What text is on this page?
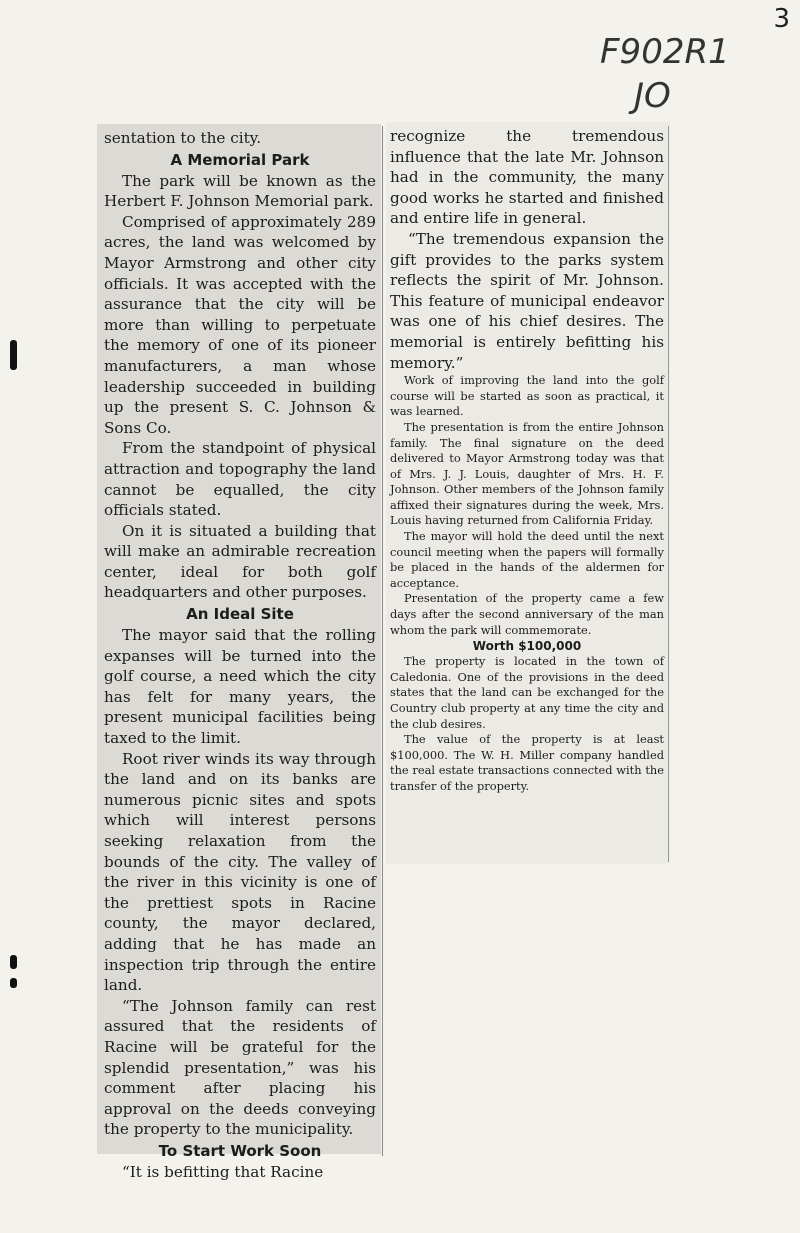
3
F902R1
JO

sentation to the city.

A Memorial Park

The park will be known as the Herbert F. Johnson Memorial park.

Comprised of approximately 289 acres, the land was welcomed by Mayor Armstrong and other city officials. It was accepted with the assurance that the city will be more than willing to perpetuate the memory of one of its pioneer manufacturers, a man whose leadership succeeded in building up the present S. C. Johnson & Sons Co.

From the standpoint of physical attraction and topography the land cannot be equalled, the city officials stated.

On it is situated a building that will make an admirable recreation center, ideal for both golf headquarters and other purposes.

An Ideal Site

The mayor said that the rolling expanses will be turned into the golf course, a need which the city has felt for many years, the present municipal facilities being taxed to the limit.

Root river winds its way through the land and on its banks are numerous picnic sites and spots which will interest persons seeking relaxation from the bounds of the city. The valley of the river in this vicinity is one of the prettiest spots in Racine county, the mayor declared, adding that he has made an inspection trip through the entire land.

“The Johnson family can rest assured that the residents of Racine will be grateful for the splendid presentation,” was his comment after placing his approval on the deeds conveying the property to the municipality.

To Start Work Soon

“It is befitting that Racine

recognize the tremendous influence that the late Mr. Johnson had in the community, the many good works he started and finished and entire life in general.

“The tremendous expansion the gift provides to the parks system reflects the spirit of Mr. Johnson. This feature of municipal endeavor was one of his chief desires. The memorial is entirely befitting his memory.”

Work of improving the land into the golf course will be started as soon as practical, it was learned.

The presentation is from the entire Johnson family. The final signature on the deed delivered to Mayor Armstrong today was that of Mrs. J. J. Louis, daughter of Mrs. H. F. Johnson. Other members of the Johnson family affixed their signatures during the week, Mrs. Louis having returned from California Friday.

The mayor will hold the deed until the next council meeting when the papers will formally be placed in the hands of the aldermen for acceptance.

Presentation of the property came a few days after the second anniversary of the man whom the park will commemorate.

Worth $100,000

The property is located in the town of Caledonia. One of the provisions in the deed states that the land can be exchanged for the Country club property at any time the city and the club desires.

The value of the property is at least $100,000. The W. H. Miller company handled the real estate transactions connected with the transfer of the property.
